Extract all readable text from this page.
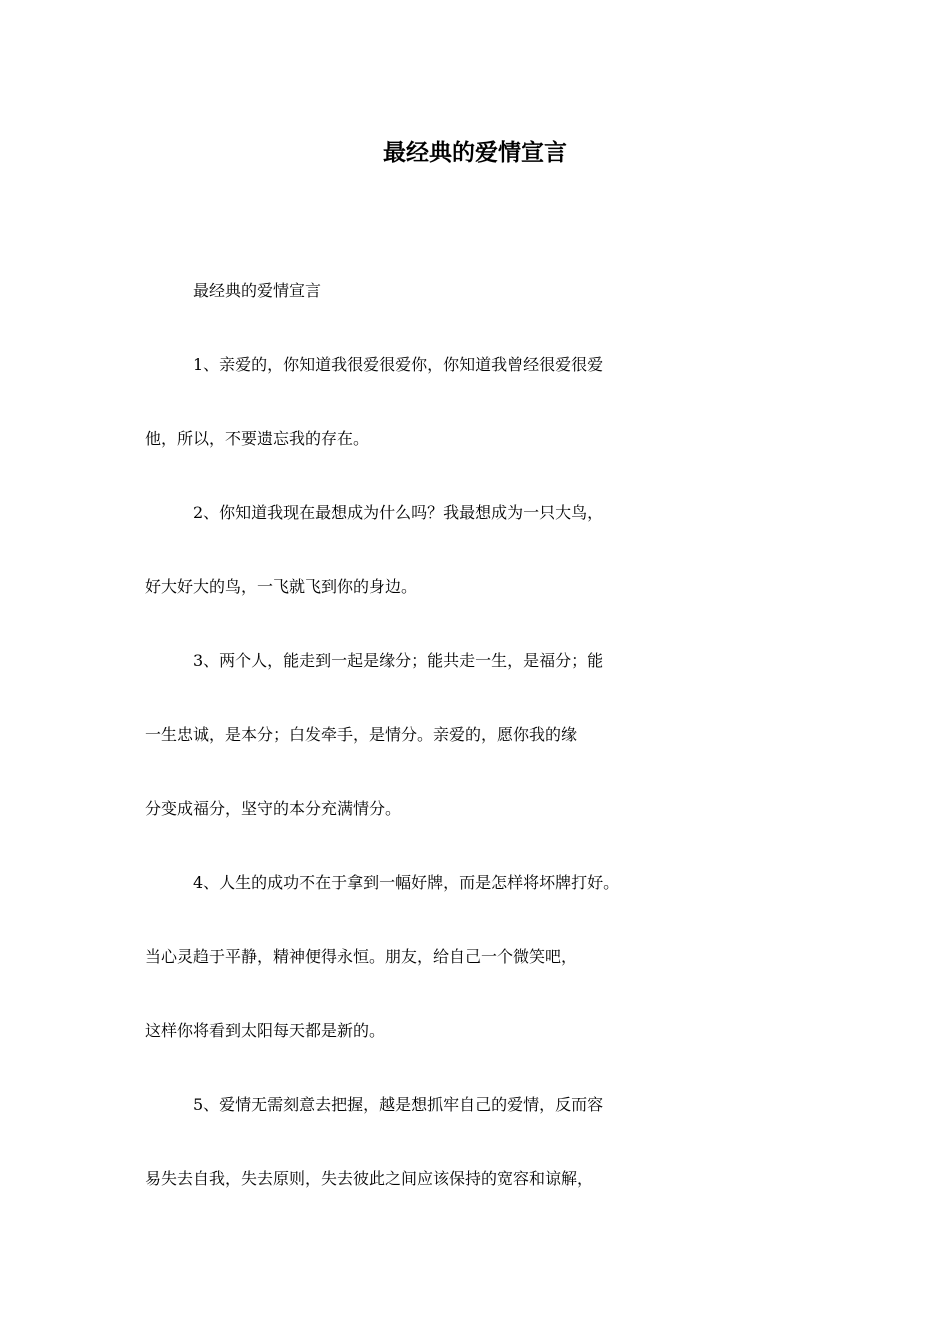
最经典的爱情宣言
最经典的爱情宣言
1、亲爱的，你知道我很爱很爱你，你知道我曾经很爱很爱
他，所以，不要遗忘我的存在。
2、你知道我现在最想成为什么吗？我最想成为一只大鸟，
好大好大的鸟，一飞就飞到你的身边。
3、两个人，能走到一起是缘分；能共走一生，是福分；能
一生忠诚，是本分；白发牵手，是情分。亲爱的，愿你我的缘
分变成福分，坚守的本分充满情分。
4、人生的成功不在于拿到一幅好牌，而是怎样将坏牌打好。
当心灵趋于平静，精神便得永恒。朋友，给自己一个微笑吧，
这样你将看到太阳每天都是新的。
5、爱情无需刻意去把握，越是想抓牢自己的爱情，反而容
易失去自我，失去原则，失去彼此之间应该保持的宽容和谅解，
